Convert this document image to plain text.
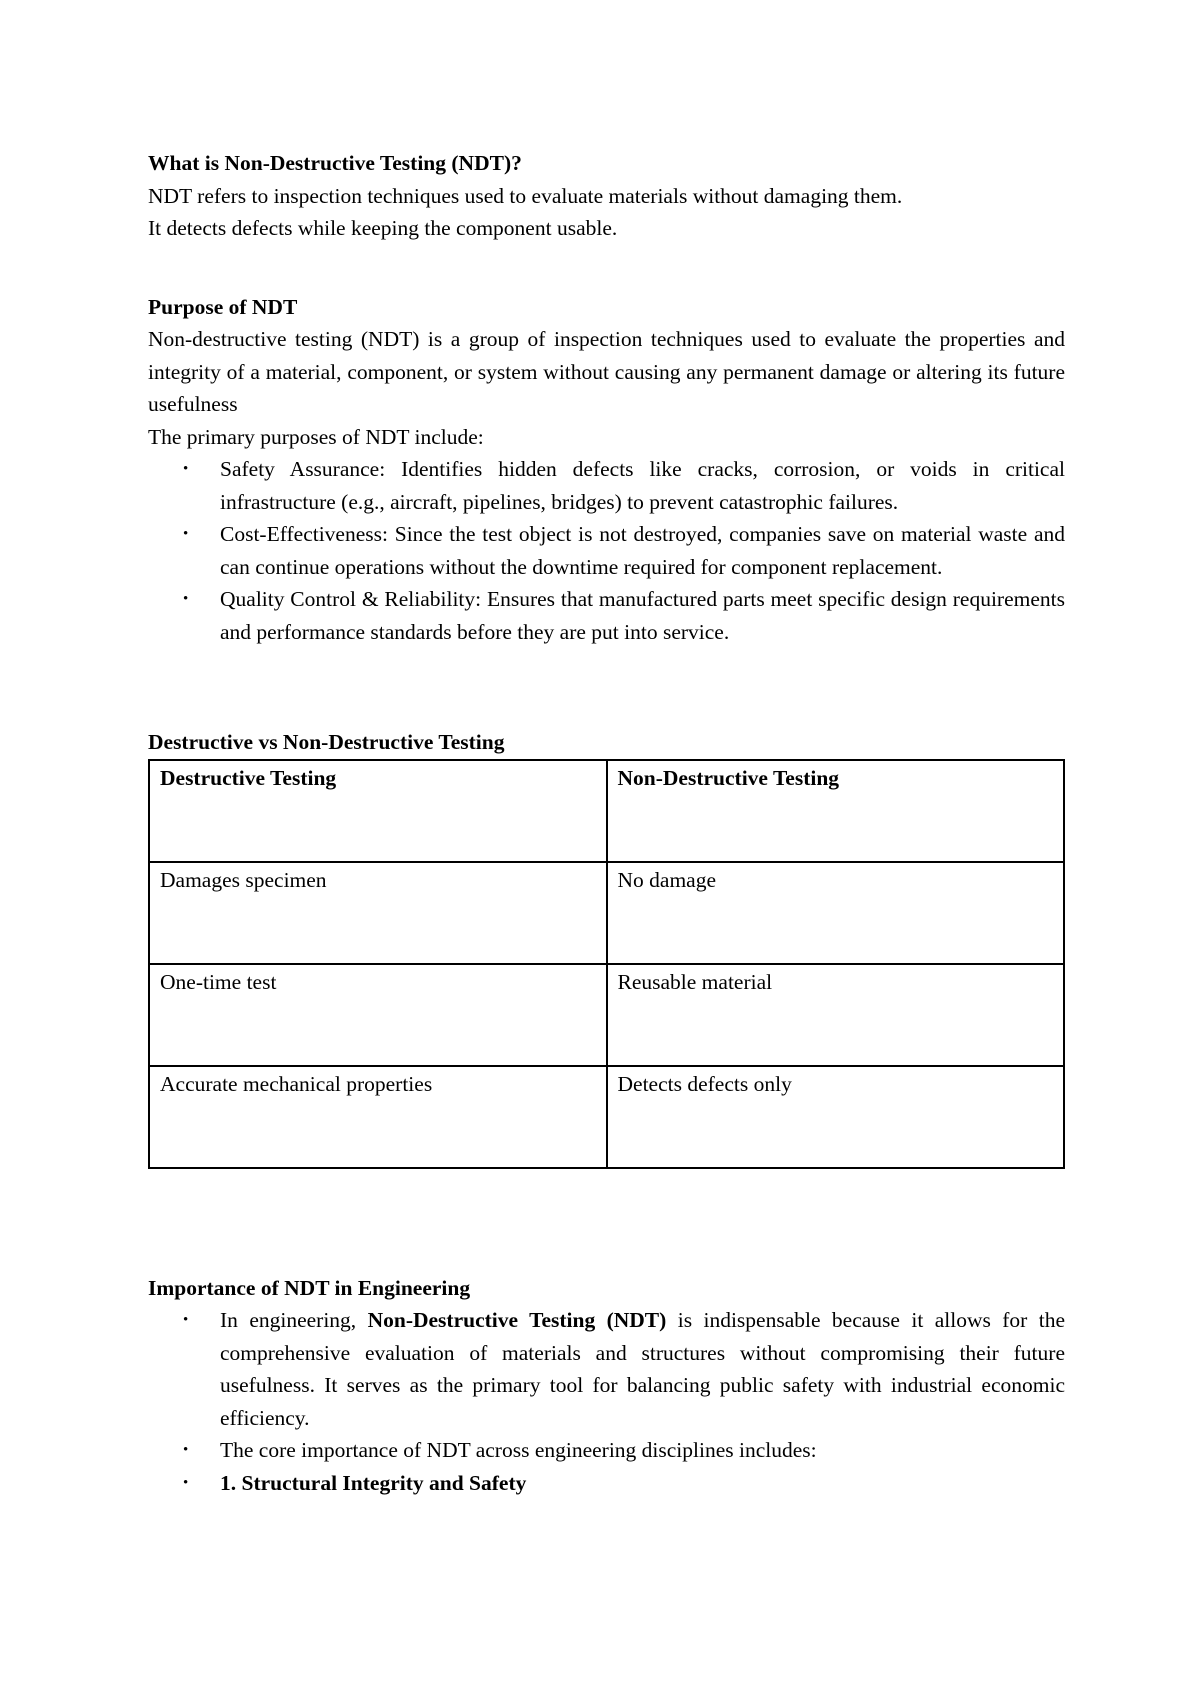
What is Non-Destructive Testing (NDT)?
NDT refers to inspection techniques used to evaluate materials without damaging them.
It detects defects while keeping the component usable.
Purpose of NDT
Non-destructive testing (NDT) is a group of inspection techniques used to evaluate the properties and integrity of a material, component, or system without causing any permanent damage or altering its future usefulness
The primary purposes of NDT include:
• Safety Assurance: Identifies hidden defects like cracks, corrosion, or voids in critical infrastructure (e.g., aircraft, pipelines, bridges) to prevent catastrophic failures.
• Cost-Effectiveness: Since the test object is not destroyed, companies save on material waste and can continue operations without the downtime required for component replacement.
• Quality Control & Reliability: Ensures that manufactured parts meet specific design requirements and performance standards before they are put into service.
Destructive vs Non-Destructive Testing
Destructive Testing	Non-Destructive Testing
Damages specimen	No damage
One-time test	Reusable material
Accurate mechanical properties	Detects defects only
Importance of NDT in Engineering
• In engineering, Non-Destructive Testing (NDT) is indispensable because it allows for the comprehensive evaluation of materials and structures without compromising their future usefulness. It serves as the primary tool for balancing public safety with industrial economic efficiency.
• The core importance of NDT across engineering disciplines includes:
• 1. Structural Integrity and Safety
